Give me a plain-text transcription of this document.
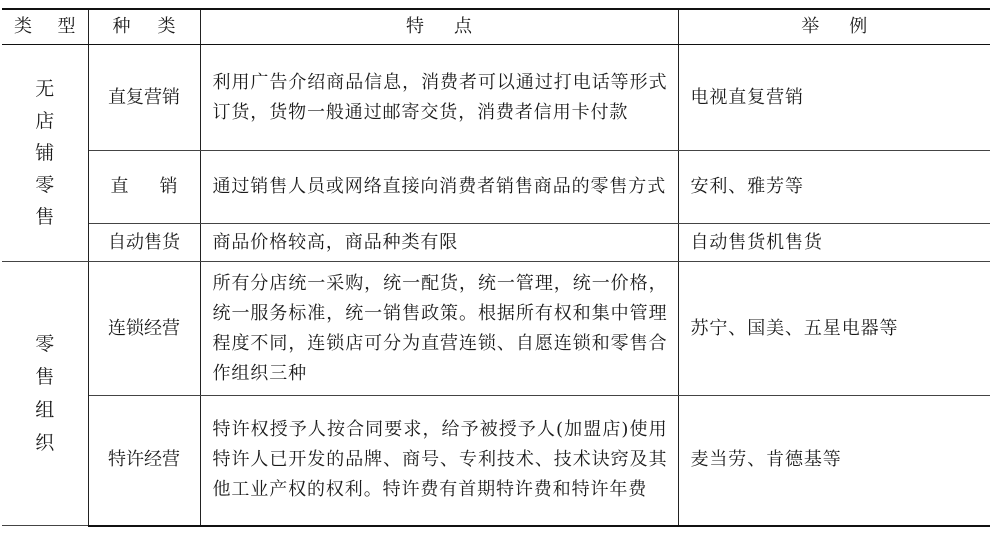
类 型	种 类	特 点	举 例

无店铺零售	直复营销	利用广告介绍商品信息，消费者可以通过打电话等形式订货，货物一般通过邮寄交货，消费者信用卡付款	电视直复营销

	直 销	通过销售人员或网络直接向消费者销售商品的零售方式	安利、雅芳等
	自动售货	商品价格较高，商品种类有限	自动售货机售货
零售组织	连锁经营	所有分店统一采购，统一配货，统一管理，统一价格，统一服务标准，统一销售政策。根据所有权和集中管理程度不同，连锁店可分为直营连锁、自愿连锁和零售合作组织三种	苏宁、国美、五星电器等
	特许经营	特许权授予人按合同要求，给予被授予人(加盟店)使用特许人已开发的品牌、商号、专利技术、技术诀窍及其他工业产权的权利。特许费有首期特许费和特许年费	麦当劳、肯德基等
